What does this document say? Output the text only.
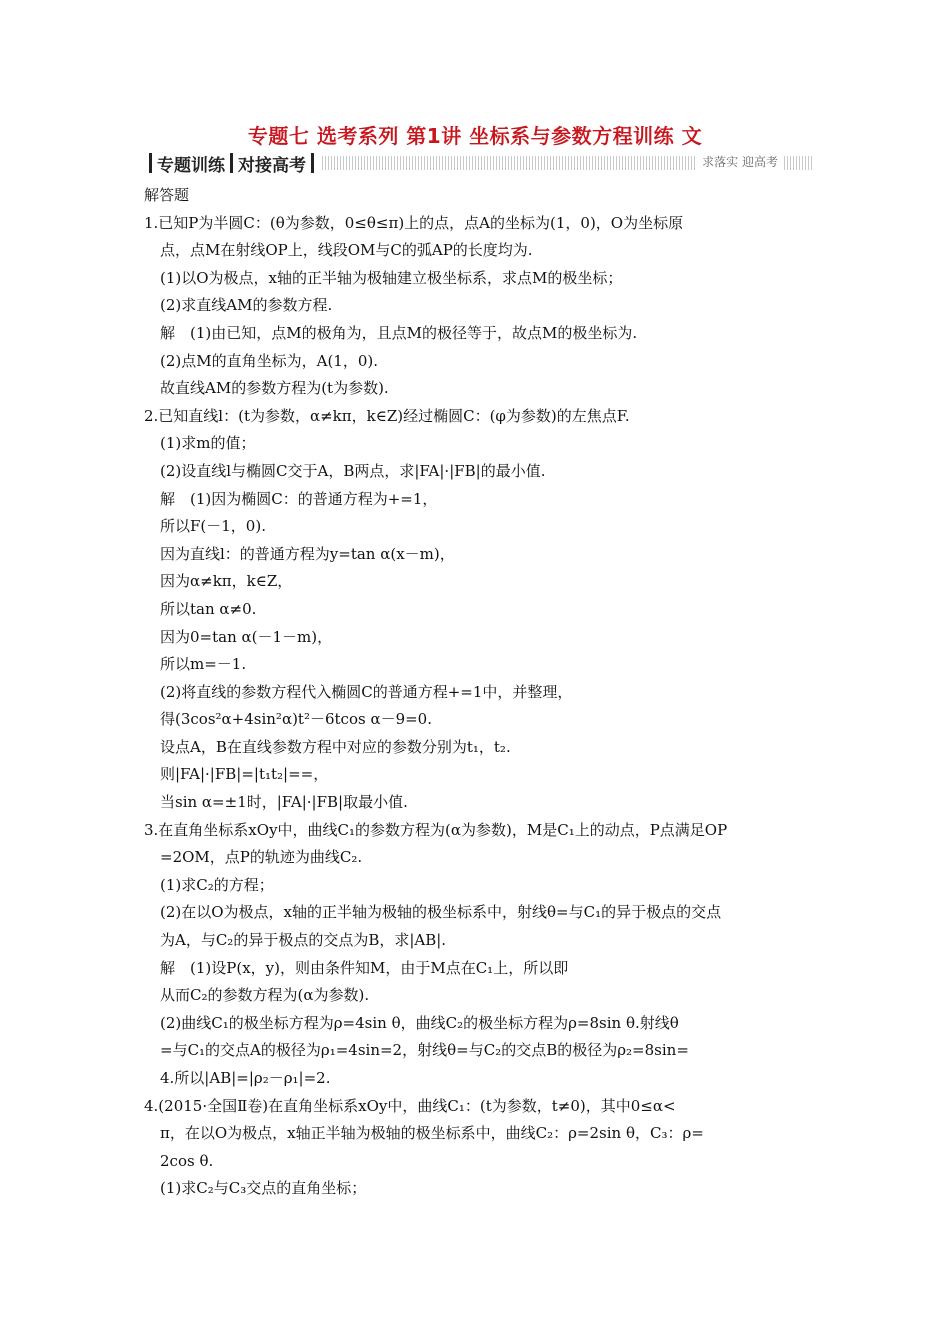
专题七 选考系列 第1讲 坐标系与参数方程训练 文
专题训练 对接高考	求落实 迎高考
解答题
1.已知P为半圆C：(θ为参数，0≤θ≤π)上的点，点A的坐标为(1，0)，O为坐标原
点，点M在射线OP上，线段OM与C的弧AP的长度均为.
(1)以O为极点，x轴的正半轴为极轴建立极坐标系，求点M的极坐标；
(2)求直线AM的参数方程.
解　(1)由已知，点M的极角为，且点M的极径等于，故点M的极坐标为.
(2)点M的直角坐标为，A(1，0).
故直线AM的参数方程为(t为参数).
2.已知直线l：(t为参数，α≠kπ，k∈Z)经过椭圆C：(φ为参数)的左焦点F.
(1)求m的值；
(2)设直线l与椭圆C交于A，B两点，求|FA|·|FB|的最小值.
解　(1)因为椭圆C：的普通方程为+=1，
所以F(－1，0).
因为直线l：的普通方程为y=tan α(x－m)，
因为α≠kπ，k∈Z，
所以tan α≠0.
因为0=tan α(－1－m)，
所以m=－1.
(2)将直线的参数方程代入椭圆C的普通方程+=1中，并整理，
得(3cos²α+4sin²α)t²－6tcos α－9=0.
设点A，B在直线参数方程中对应的参数分别为t₁，t₂.
则|FA|·|FB|=|t₁t₂|==，
当sin α=±1时，|FA|·|FB|取最小值.
3.在直角坐标系xOy中，曲线C₁的参数方程为(α为参数)，M是C₁上的动点，P点满足OP
=2OM，点P的轨迹为曲线C₂.
(1)求C₂的方程；
(2)在以O为极点，x轴的正半轴为极轴的极坐标系中，射线θ=与C₁的异于极点的交点
为A，与C₂的异于极点的交点为B，求|AB|.
解　(1)设P(x，y)，则由条件知M，由于M点在C₁上，所以即
从而C₂的参数方程为(α为参数).
(2)曲线C₁的极坐标方程为ρ=4sin θ，曲线C₂的极坐标方程为ρ=8sin θ.射线θ
=与C₁的交点A的极径为ρ₁=4sin=2，射线θ=与C₂的交点B的极径为ρ₂=8sin=
4.所以|AB|=|ρ₂－ρ₁|=2.
4.(2015·全国Ⅱ卷)在直角坐标系xOy中，曲线C₁：(t为参数，t≠0)，其中0≤α<
π，在以O为极点，x轴正半轴为极轴的极坐标系中，曲线C₂：ρ=2sin θ，C₃：ρ=
2cos θ.
(1)求C₂与C₃交点的直角坐标；
